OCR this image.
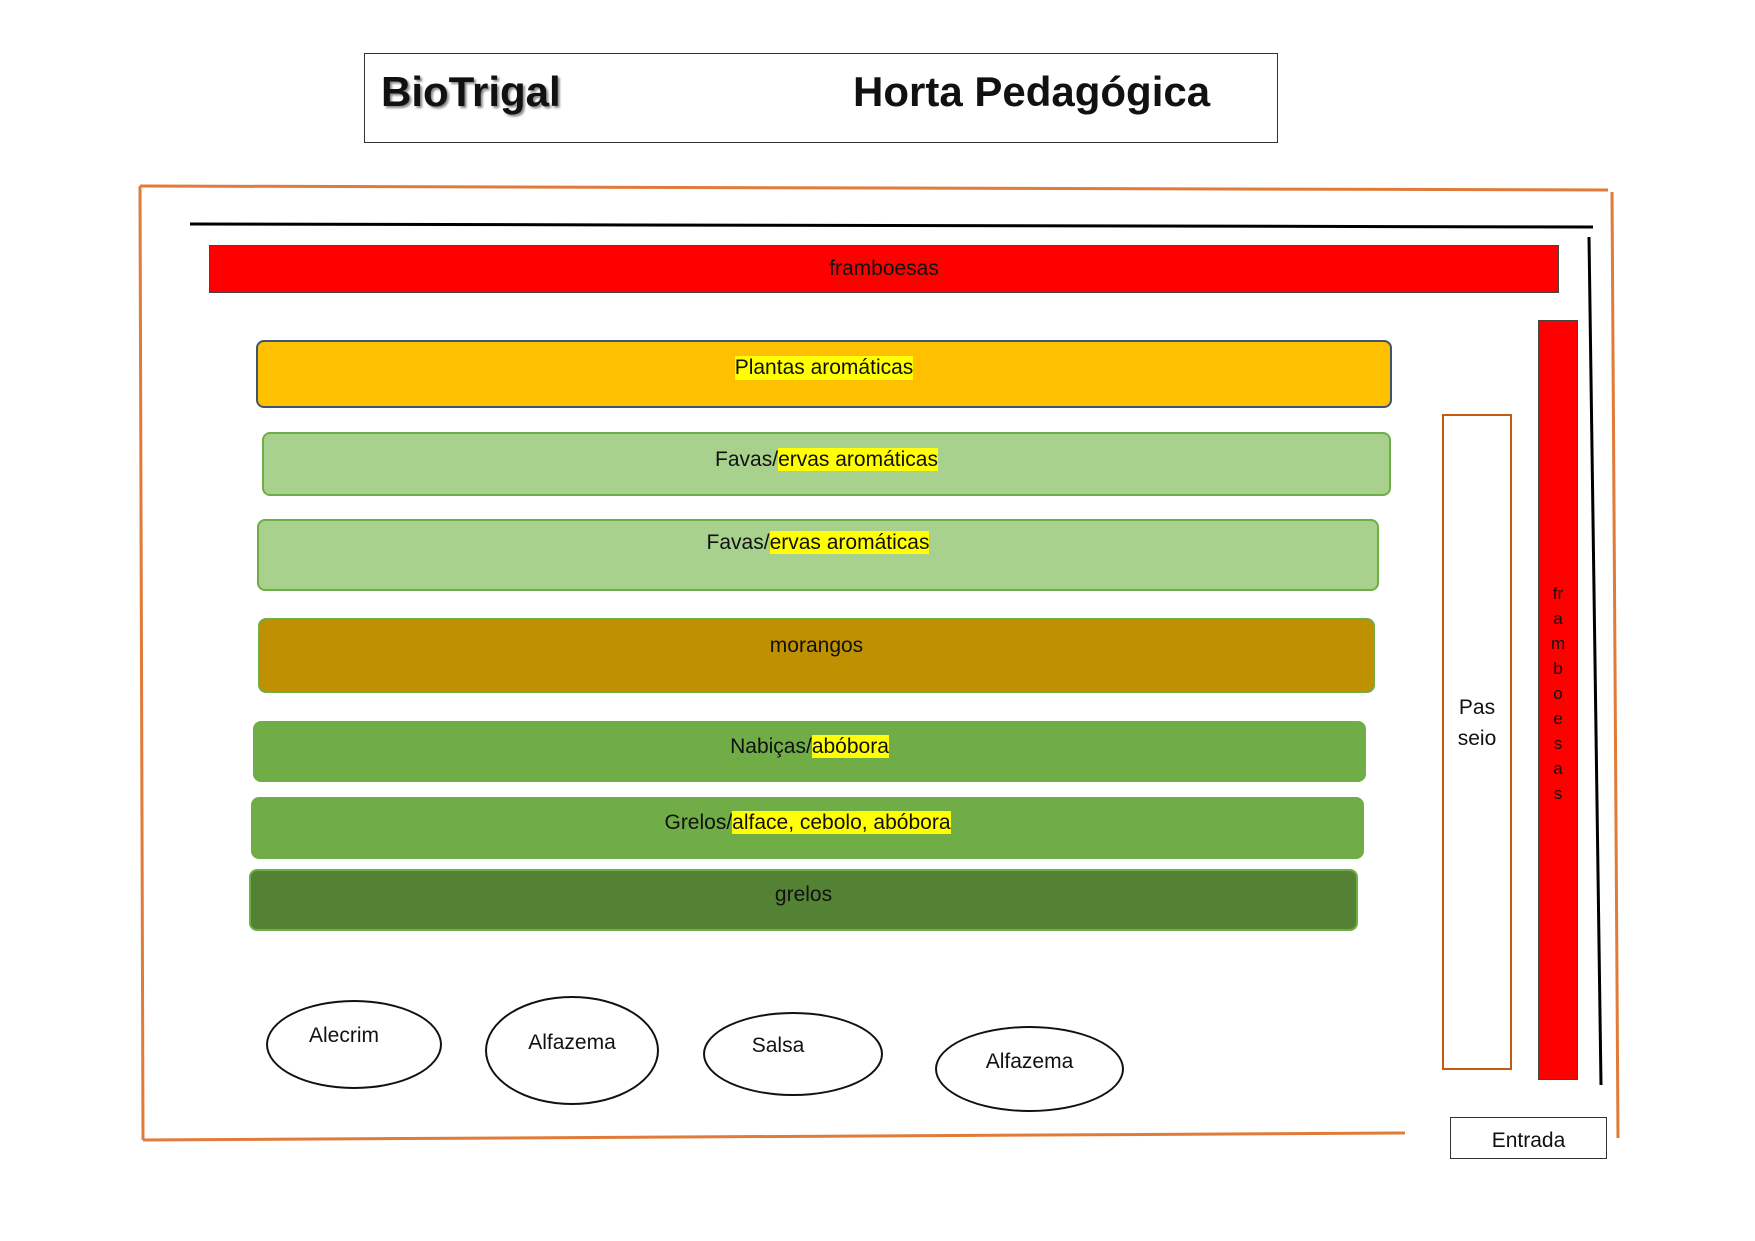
BioTrigal	Horta Pedagógica
framboesas
Plantas aromáticas
Favas/ervas aromáticas
Favas/ervas aromáticas
morangos
Nabiças/abóbora
Grelos/alface, cebolo, abóbora
grelos
Passeio
framboesas
Alecrim	Alfazema	Salsa
Alfazema
Entrada
